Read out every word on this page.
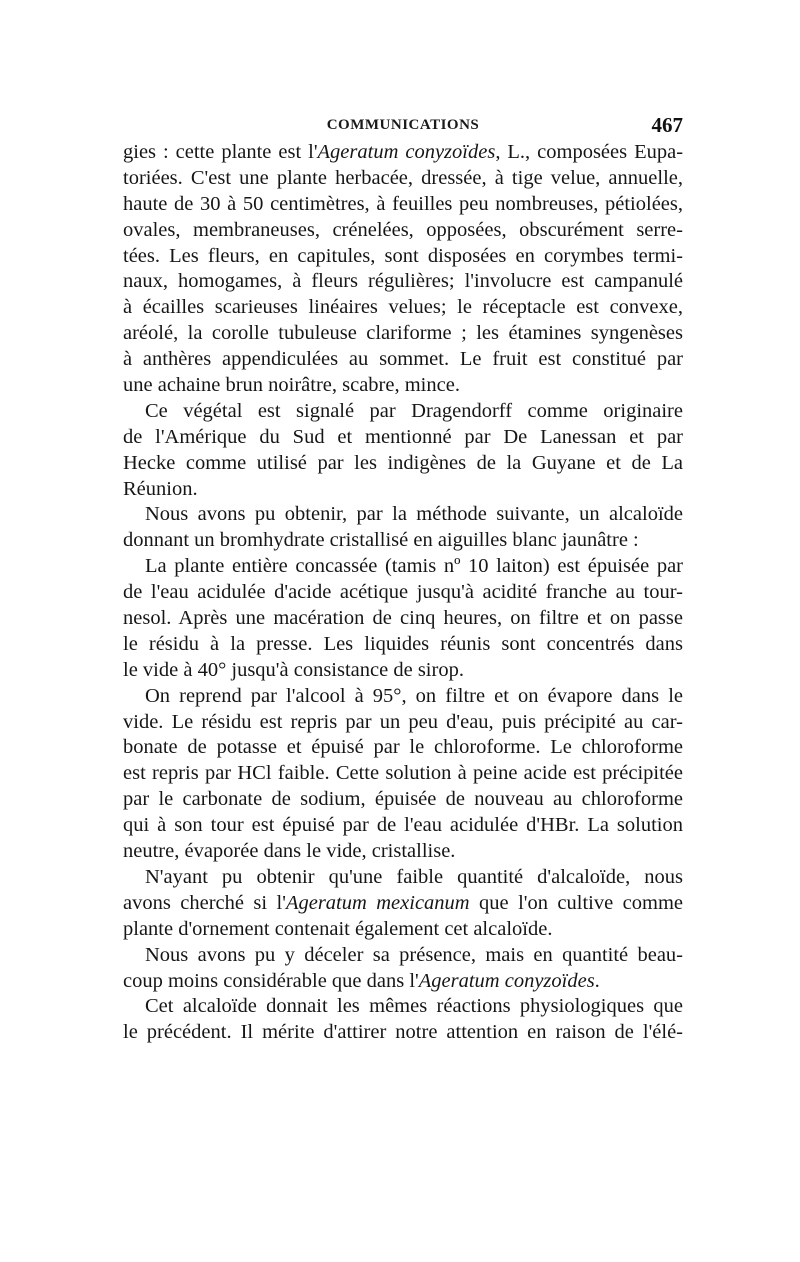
COMMUNICATIONS	467
gies : cette plante est l'Ageratum conyzoïdes, L., composées Eupa-
toriées. C'est une plante herbacée, dressée, à tige velue, annuelle,
haute de 30 à 50 centimètres, à feuilles peu nombreuses, pétiolées,
ovales, membraneuses, crénelées, opposées, obscurément serre-
tées. Les fleurs, en capitules, sont disposées en corymbes termi-
naux, homogames, à fleurs régulières; l'involucre est campanulé
à écailles scarieuses linéaires velues; le réceptacle est convexe,
aréolé, la corolle tubuleuse clariforme ; les étamines syngenèses
à anthères appendiculées au sommet. Le fruit est constitué par
une achaine brun noirâtre, scabre, mince.
Ce végétal est signalé par Dragendorff comme originaire
de l'Amérique du Sud et mentionné par De Lanessan et par
Hecke comme utilisé par les indigènes de la Guyane et de La
Réunion.
Nous avons pu obtenir, par la méthode suivante, un alcaloïde
donnant un bromhydrate cristallisé en aiguilles blanc jaunâtre :
La plante entière concassée (tamis nº 10 laiton) est épuisée par
de l'eau acidulée d'acide acétique jusqu'à acidité franche au tour-
nesol. Après une macération de cinq heures, on filtre et on passe
le résidu à la presse. Les liquides réunis sont concentrés dans
le vide à 40° jusqu'à consistance de sirop.
On reprend par l'alcool à 95°, on filtre et on évapore dans le
vide. Le résidu est repris par un peu d'eau, puis précipité au car-
bonate de potasse et épuisé par le chloroforme. Le chloroforme
est repris par HCl faible. Cette solution à peine acide est précipitée
par le carbonate de sodium, épuisée de nouveau au chloroforme
qui à son tour est épuisé par de l'eau acidulée d'HBr. La solution
neutre, évaporée dans le vide, cristallise.
N'ayant pu obtenir qu'une faible quantité d'alcaloïde, nous
avons cherché si l'Ageratum mexicanum que l'on cultive comme
plante d'ornement contenait également cet alcaloïde.
Nous avons pu y déceler sa présence, mais en quantité beau-
coup moins considérable que dans l'Ageratum conyzoïdes.
Cet alcaloïde donnait les mêmes réactions physiologiques que
le précédent. Il mérite d'attirer notre attention en raison de l'élé-
